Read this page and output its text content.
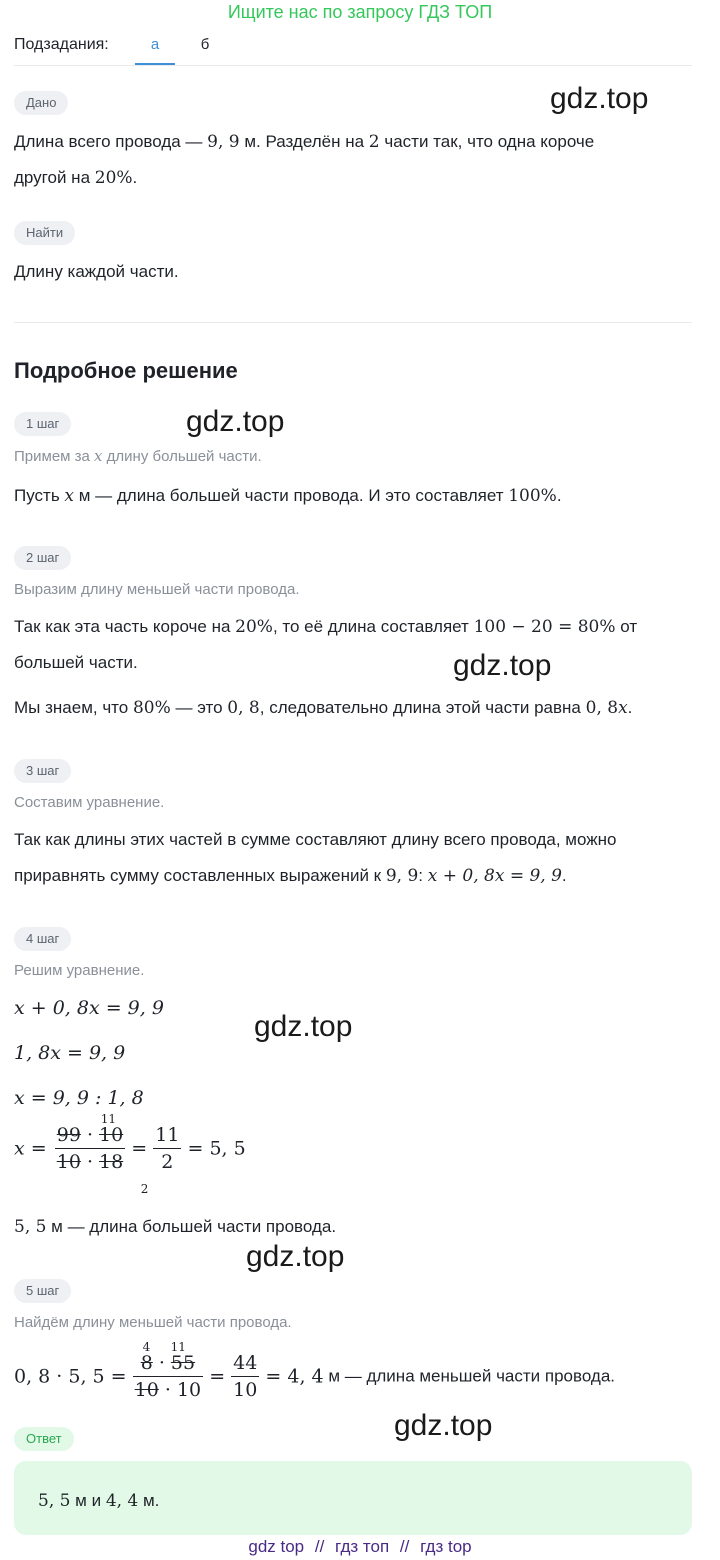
Ищите нас по запросу ГДЗ ТОП
Подзадания:	а	б
Дано
Длина всего провода — 9, 9 м. Разделён на 2 части так, что одна короче
другой на 20%.
gdz.top
Найти
Длину каждой части.
Подробное решение
1 шаг	gdz.top
Примем за x длину большей части.
Пусть x м — длина большей части провода. И это составляет 100%.
2 шаг
Выразим длину меньшей части провода.
Так как эта часть короче на 20%, то её длина составляет 100 − 20 = 80% от
большей части.	gdz.top
Мы знаем, что 80% — это 0, 8, следовательно длина этой части равна 0, 8x.
3 шаг
Составим уравнение.
Так как длины этих частей в сумме составляют длину всего провода, можно
приравнять сумму составленных выражений к 9, 9: x + 0, 8x = 9, 9.
4 шаг
Решим уравнение.
x + 0, 8x = 9, 9
gdz.top
1, 8x = 9, 9
x = 9, 9 : 1, 8
x =
11
99 · 10
10 · 18
2
= $\frac{11}{2} = 5$, 5
5, 5 м — длина большей части провода.
gdz.top
5 шаг
Найдём длину меньшей части провода.
0, 8 · 5, 5 =
4 11
8 · 55
10 · 10
= $\frac{44}{10} = 4$, 4 м — длина меньшей части провода.
gdz.top
Ответ
5, 5 м и 4, 4 м.
gdz top // гдз топ // гдз top
